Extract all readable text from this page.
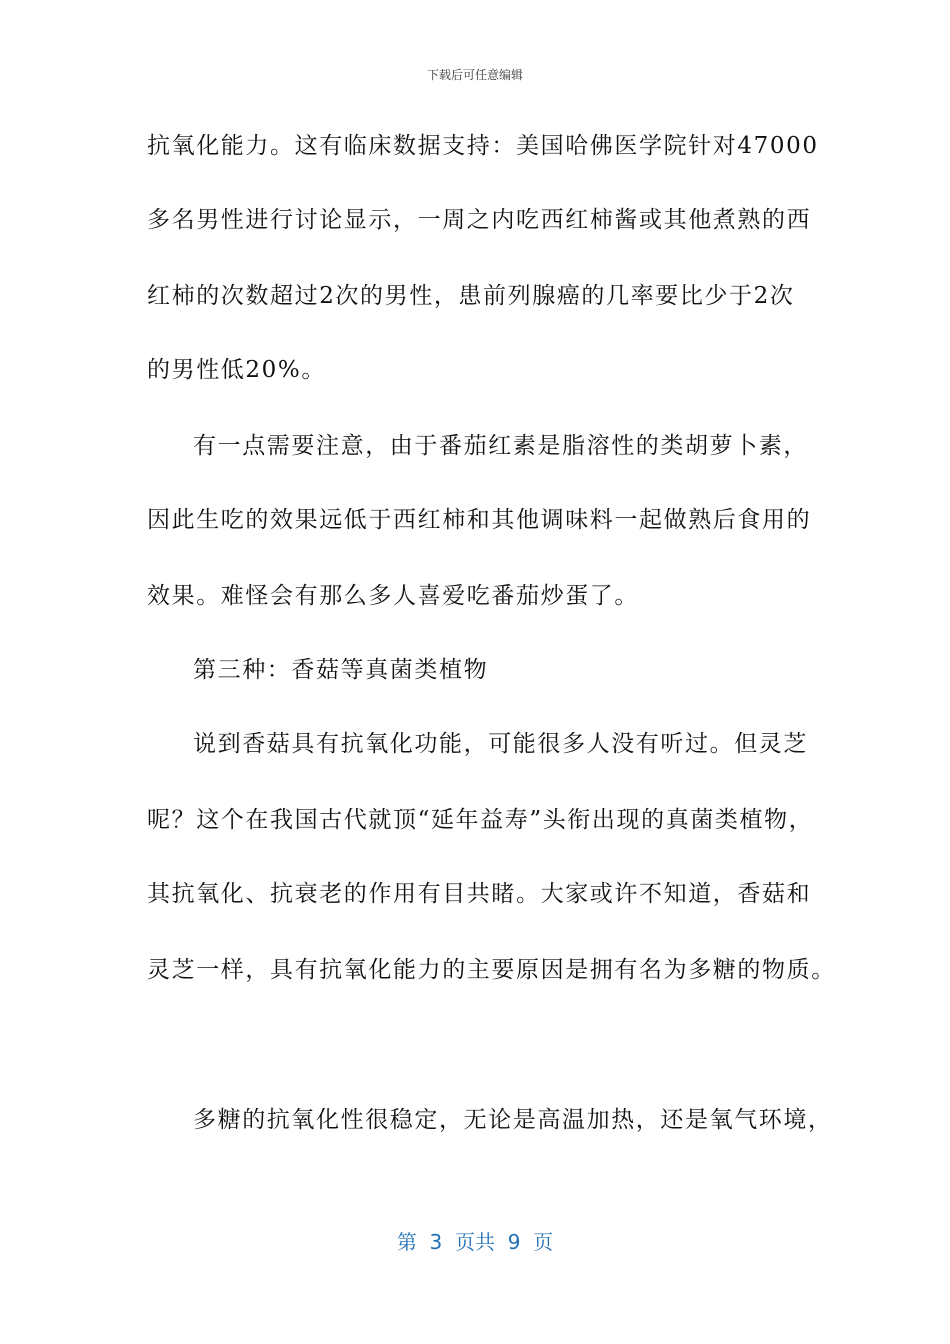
下载后可任意编辑
抗氧化能力。这有临床数据支持：美国哈佛医学院针对47000
多名男性进行讨论显示，一周之内吃西红柿酱或其他煮熟的西
红柿的次数超过2次的男性，患前列腺癌的几率要比少于2次
的男性低20%。
有一点需要注意，由于番茄红素是脂溶性的类胡萝卜素，
因此生吃的效果远低于西红柿和其他调味料一起做熟后食用的
效果。难怪会有那么多人喜爱吃番茄炒蛋了。
第三种：香菇等真菌类植物
说到香菇具有抗氧化功能，可能很多人没有听过。但灵芝
呢？这个在我国古代就顶“延年益寿”头衔出现的真菌类植物，
其抗氧化、抗衰老的作用有目共睹。大家或许不知道，香菇和
灵芝一样，具有抗氧化能力的主要原因是拥有名为多糖的物质。
多糖的抗氧化性很稳定，无论是高温加热，还是氧气环境，
第  3  页共  9  页
